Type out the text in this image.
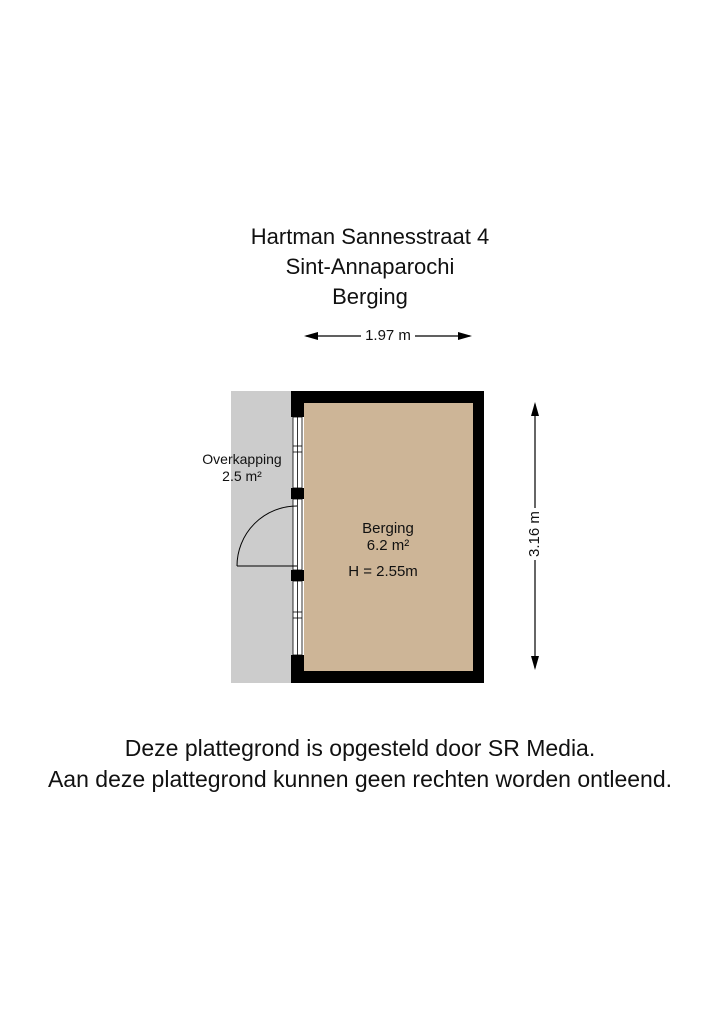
Hartman Sannesstraat 4
Sint-Annaparochi
Berging
1.97 m
3.16 m
Overkapping
2.5 m²
Berging
6.2 m²
H = 2.55m
Deze plattegrond is opgesteld door SR Media.
Aan deze plattegrond kunnen geen rechten worden ontleend.
